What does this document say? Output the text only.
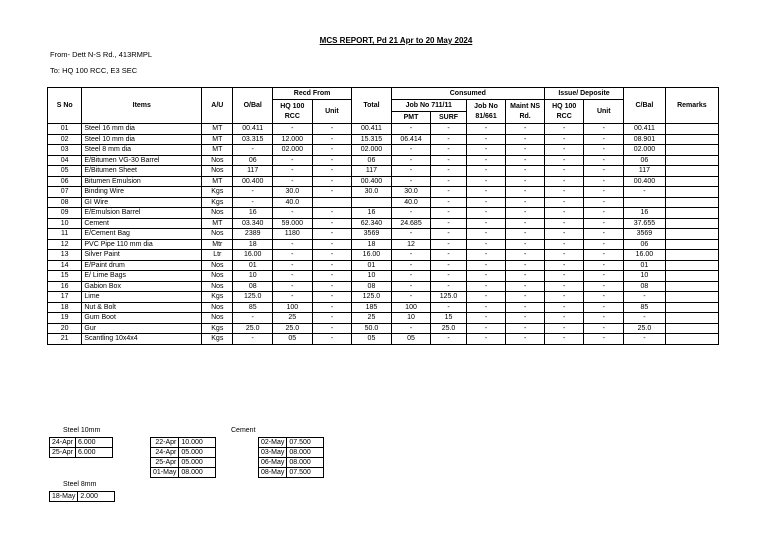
MCS REPORT, Pd 21 Apr to 20 May 2024
From- Dett N-S Rd., 413RMPL
To: HQ 100 RCC, E3 SEC
S No	Items	A/U	O/Bal	Recd From		Total	Consumed				Issue/ Deposite		C/Bal	Remarks
				HQ 100 RCC	Unit		Job No 711/11		Job No 81/661	Maint NS Rd.	HQ 100 RCC	Unit		
							PMT	SURF						
01	Steel 16 mm dia	MT	00.411	-	-	00.411	-	-	-	-	-	-	00.411	
02	Steel 10 mm dia	MT	03.315	12.000	-	15.315	06.414	-	-	-	-	-	08.901	
03	Steel 8 mm dia	MT	-	02.000	-	02.000	-	-	-	-	-	-	02.000	
04	E/Bitumen VG-30 Barrel	Nos	06	-	-	06	-	-	-	-	-	-	06	
05	E/Bitumen Sheet	Nos	117	-	-	117	-	-	-	-	-	-	117	
06	Bitumen Emulsion	MT	00.400	-	-	00.400	-	-	-	-	-	-	00.400	
07	Binding Wire	Kgs	-	30.0	-	30.0	30.0	-	-	-	-	-	-	
08	GI Wire	Kgs	-	40.0			40.0	-	-	-	-	-		
09	E/Emulsion Barrel	Nos	16	-	-	16	-	-	-	-	-	-	16	
10	Cement	MT	03.340	59.000	-	62.340	24.685	-	-	-	-	-	37.655	
11	E/Cement Bag	Nos	2389	1180	-	3569	-	-	-	-	-	-	3569	
12	PVC Pipe 110 mm dia	Mtr	18	-	-	18	12	-	-	-	-	-	06	
13	Silver Paint	Ltr	16.00	-	-	16.00	-	-	-	-	-	-	16.00	
14	E/Paint drum	Nos	01	-	-	01	-	-	-	-	-	-	01	
15	E/ Lime Bags	Nos	10	-	-	10	-	-	-	-	-	-	10	
16	Gabion Box	Nos	08	-	-	08	-	-	-	-	-	-	08	
17	Lime	Kgs	125.0	-	-	125.0	-	125.0	-	-	-	-	-	
18	Nut & Bolt	Nos	85	100	-	185	100	-	-	-	-	-	85	
19	Gum Boot	Nos	-	25	-	25	10	15	-	-	-	-	-	
20	Gur	Kgs	25.0	25.0	-	50.0	-	25.0	-	-	-	-	25.0	
21	Scantling 10x4x4	Kgs	-	05	-	05	05	-	-	-	-	-	-	
Steel 10mm
24-Apr	6.000
25-Apr	6.000
Steel 8mm
18-May	2.000
Cement
22-Apr	10.000
24-Apr	05.000
25-Apr	05.000
01-May	08.000
02-May	07.500
03-May	08.000
06-May	08.000
08-May	07.500
